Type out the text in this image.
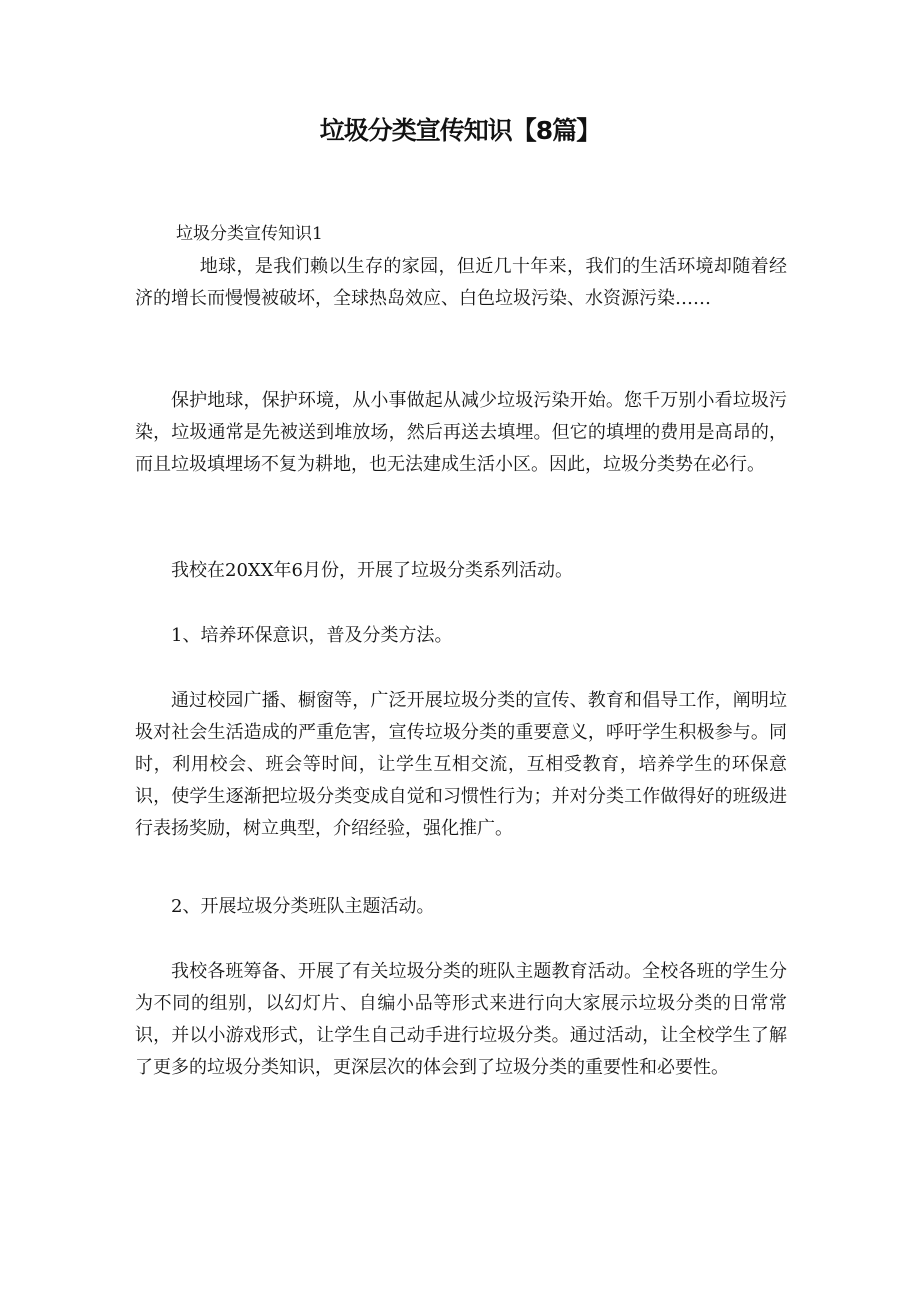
垃圾分类宣传知识【8篇】
垃圾分类宣传知识1

地球，是我们赖以生存的家园，但近几十年来，我们的生活环境却随着经济的增长而慢慢被破坏，全球热岛效应、白色垃圾污染、水资源污染……

保护地球，保护环境，从小事做起从减少垃圾污染开始。您千万别小看垃圾污染，垃圾通常是先被送到堆放场，然后再送去填埋。但它的填埋的费用是高昂的，而且垃圾填埋场不复为耕地，也无法建成生活小区。因此，垃圾分类势在必行。

我校在20XX年6月份，开展了垃圾分类系列活动。

1、培养环保意识，普及分类方法。

通过校园广播、橱窗等，广泛开展垃圾分类的宣传、教育和倡导工作，阐明垃圾对社会生活造成的严重危害，宣传垃圾分类的重要意义，呼吁学生积极参与。同时，利用校会、班会等时间，让学生互相交流，互相受教育，培养学生的环保意识，使学生逐渐把垃圾分类变成自觉和习惯性行为；并对分类工作做得好的班级进行表扬奖励，树立典型，介绍经验，强化推广。

2、开展垃圾分类班队主题活动。

我校各班筹备、开展了有关垃圾分类的班队主题教育活动。全校各班的学生分为不同的组别，以幻灯片、自编小品等形式来进行向大家展示垃圾分类的日常常识，并以小游戏形式，让学生自己动手进行垃圾分类。通过活动，让全校学生了解了更多的垃圾分类知识，更深层次的体会到了垃圾分类的重要性和必要性。
